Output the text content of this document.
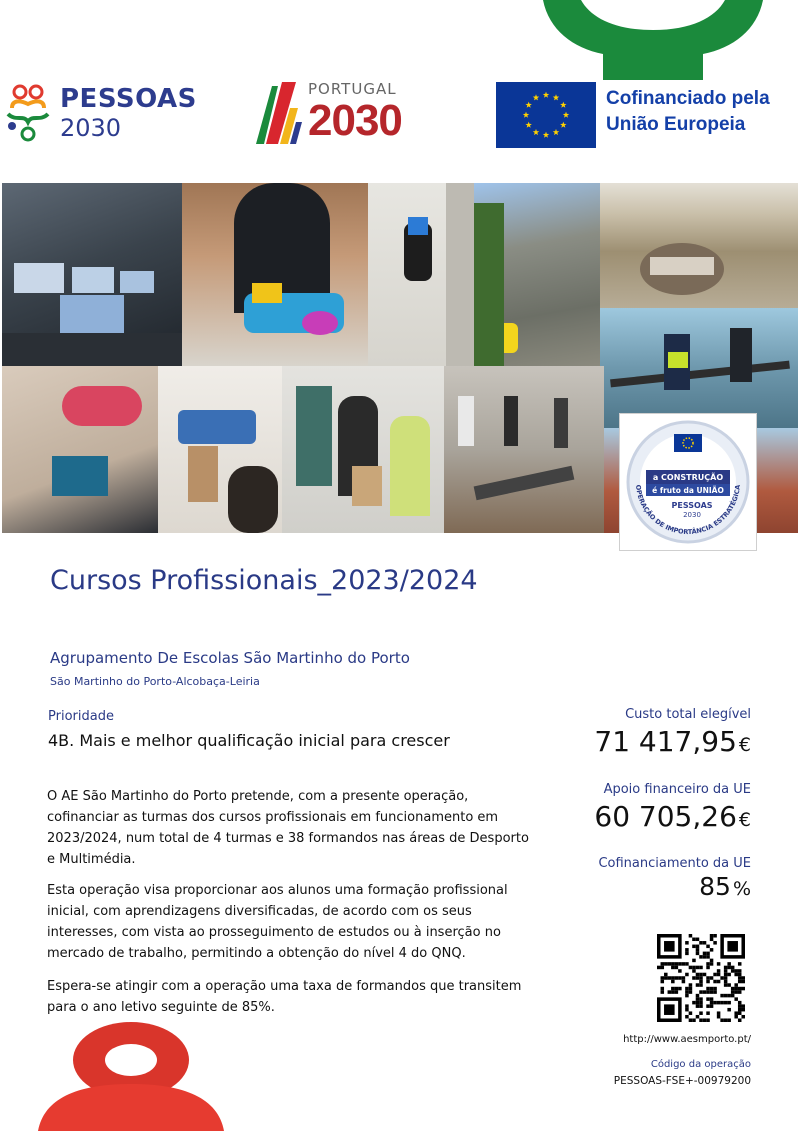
PESSOAS
2030
PORTUGAL
2030	Cofinanciado pela
União Europeia
a CONSTRUÇÃO
é fruto da UNIÃO
PESSOAS
2030
OPERAÇÃO DE IMPORTÂNCIA ESTRATÉGICA
Cursos Profissionais_2023/2024
Agrupamento De Escolas São Martinho do Porto
São Martinho do Porto-Alcobaça-Leiria
Prioridade
4B. Mais e melhor qualificação inicial para crescer
O AE São Martinho do Porto pretende, com a presente operação, cofinanciar as turmas dos cursos profissionais em funcionamento em 2023/2024, num total de 4 turmas e 38 formandos nas áreas de Desporto e Multimédia.
Esta operação visa proporcionar aos alunos uma formação profissional inicial, com aprendizagens diversificadas, de acordo com os seus interesses, com vista ao prosseguimento de estudos ou à inserção no mercado de trabalho, permitindo a obtenção do nível 4 do QNQ.
Espera-se atingir com a operação uma taxa de formandos que transitem para o ano letivo seguinte de 85%.
Custo total elegível
71 417,95 €
Apoio financeiro da UE
60 705,26 €
Cofinanciamento da UE
85 %
http://www.aesmporto.pt/
Código da operação
PESSOAS-FSE+-00979200
